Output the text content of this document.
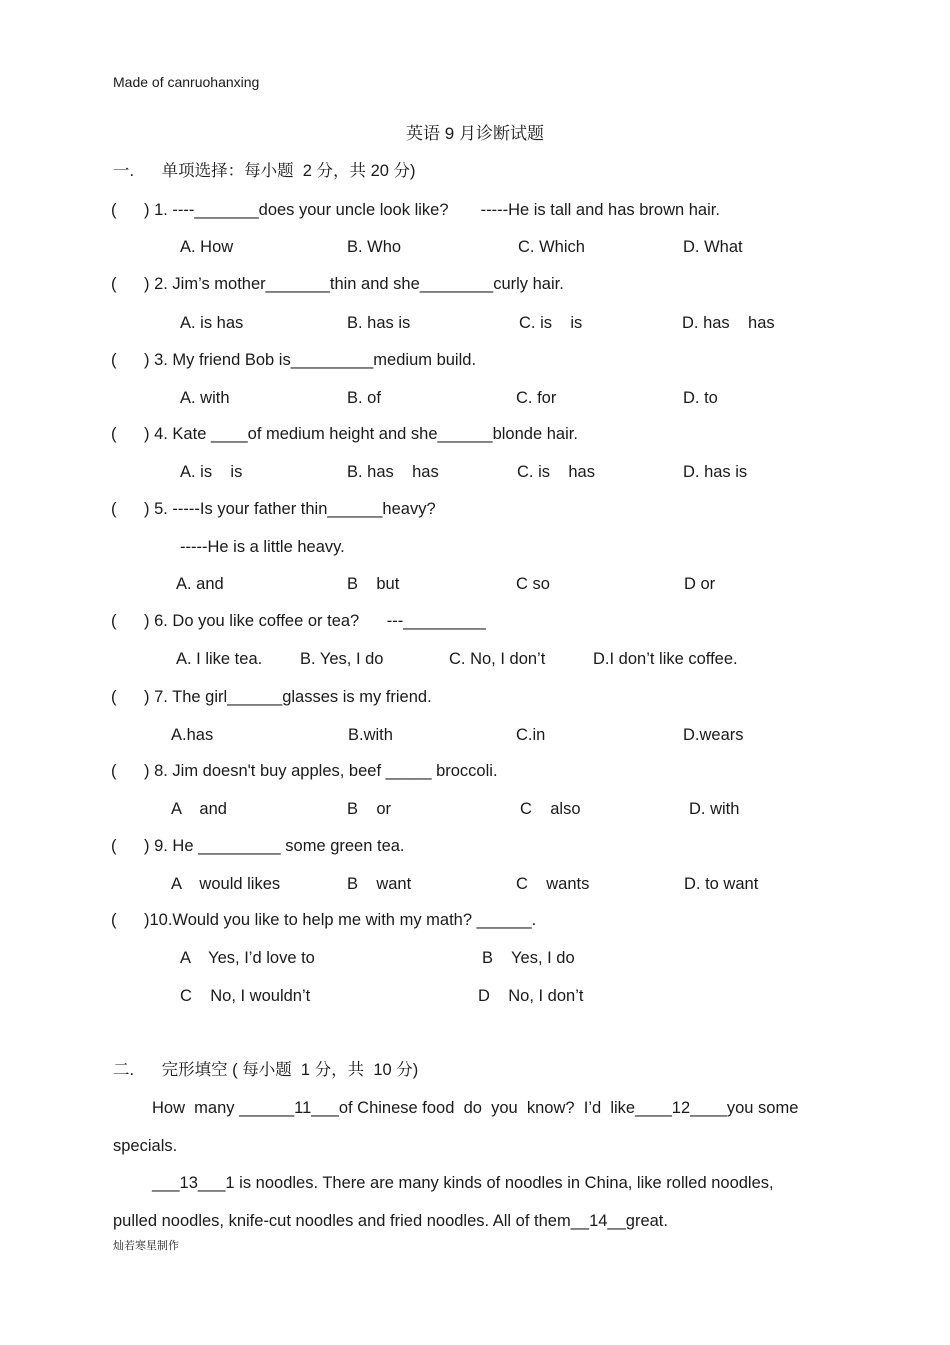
Made of canruohanxing
英语 9 月诊断试题
一.      单项选择：每小题  2 分，共 20 分)
(      ) 1. ----_______does your uncle look like?       -----He is tall and has brown hair.
A. How	B. Who	C. Which	D. What
(      ) 2. Jim’s mother_______thin and she________curly hair.
A. is has	B. has is	C. is    is	D. has    has
(      ) 3. My friend Bob is_________medium build.
A. with	B. of	C. for	D. to
(      ) 4. Kate ____of medium height and she______blonde hair.
A. is    is	B. has    has	C. is    has	D. has is
(      ) 5. -----Is your father thin______heavy?
-----He is a little heavy.
A. and	B    but	C so	D or
(      ) 6. Do you like coffee or tea?      ---_________
A. I like tea. B. Yes, I do	C. No, I don’t	D.I don’t like coffee.
(      ) 7. The girl______glasses is my friend.
A.has	B.with	C.in	D.wears
(      ) 8. Jim doesn't buy apples, beef _____ broccoli.
A    and	B    or	C    also	D. with
(      ) 9. He _________ some green tea.
A    would likes	B    want	C    wants	D. to want
(      )10.Would you like to help me with my math? ______.
A    Yes, I’d love to	B    Yes, I do
C    No, I wouldn’t	D    No, I don’t
二.      完形填空 ( 每小题  1 分，共  10 分)
How  many ______11___of Chinese food  do  you  know?  I’d  like____12____you some
specials.
___13___1 is noodles. There are many kinds of noodles in China, like rolled noodles,
pulled noodles, knife-cut noodles and fried noodles. All of them__14__great.
灿若寒星制作
